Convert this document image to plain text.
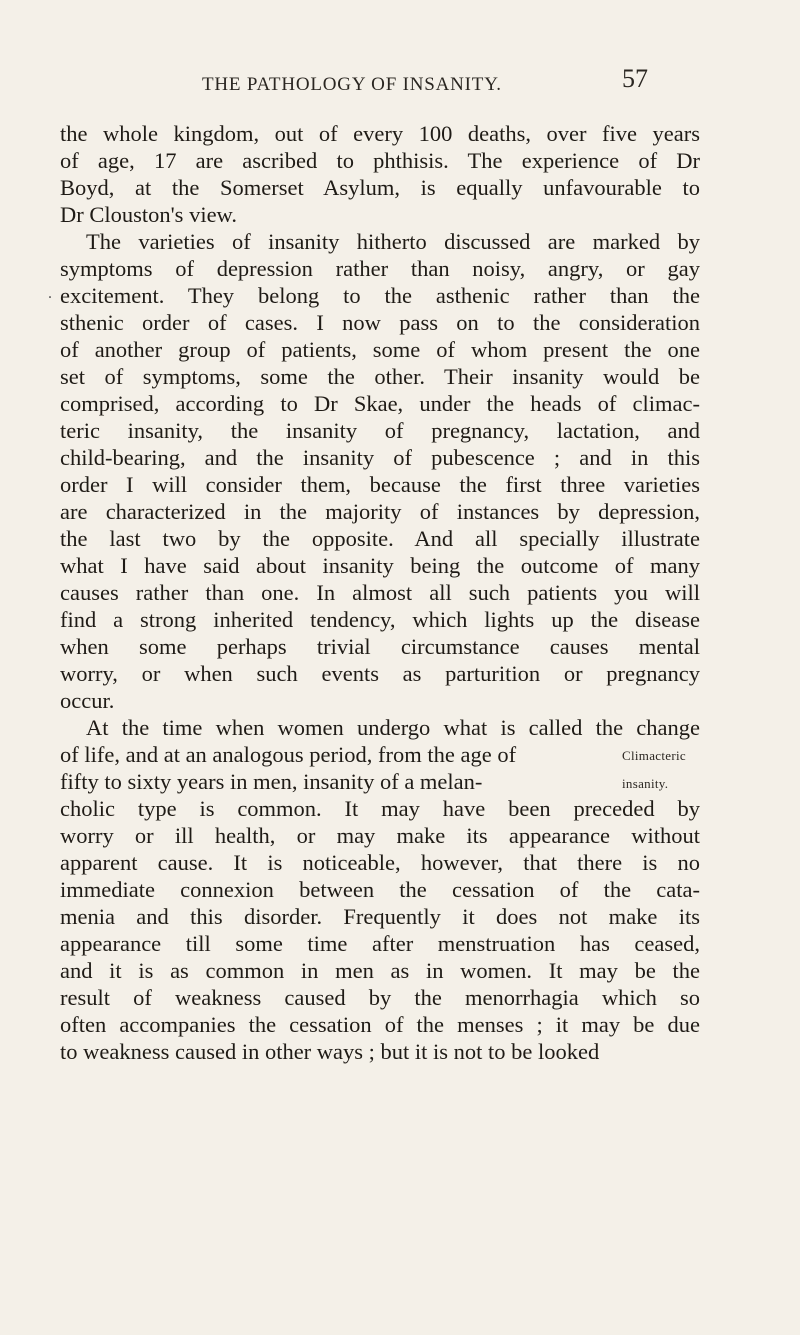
THE PATHOLOGY OF INSANITY.	57
.
the whole kingdom, out of every 100 deaths, over five years
of age, 17 are ascribed to phthisis. The experience of Dr
Boyd, at the Somerset Asylum, is equally unfavourable to
Dr Clouston's view.
The varieties of insanity hitherto discussed are marked by
symptoms of depression rather than noisy, angry, or gay
excitement. They belong to the asthenic rather than the
sthenic order of cases. I now pass on to the consideration
of another group of patients, some of whom present the one
set of symptoms, some the other. Their insanity would be
comprised, according to Dr Skae, under the heads of climac-
teric insanity, the insanity of pregnancy, lactation, and
child-bearing, and the insanity of pubescence ; and in this
order I will consider them, because the first three varieties
are characterized in the majority of instances by depression,
the last two by the opposite. And all specially illustrate
what I have said about insanity being the outcome of many
causes rather than one. In almost all such patients you will
find a strong inherited tendency, which lights up the disease
when some perhaps trivial circumstance causes mental
worry, or when such events as parturition or pregnancy
occur.
At the time when women undergo what is called the change
of life, and at an analogous period, from the age of
fifty to sixty years in men, insanity of a melan-
cholic type is common. It may have been preceded by
worry or ill health, or may make its appearance without
apparent cause. It is noticeable, however, that there is no
immediate connexion between the cessation of the cata-
menia and this disorder. Frequently it does not make its
appearance till some time after menstruation has ceased,
and it is as common in men as in women. It may be the
result of weakness caused by the menorrhagia which so
often accompanies the cessation of the menses ; it may be due
to weakness caused in other ways ; but it is not to be looked
Climacteric
insanity.
